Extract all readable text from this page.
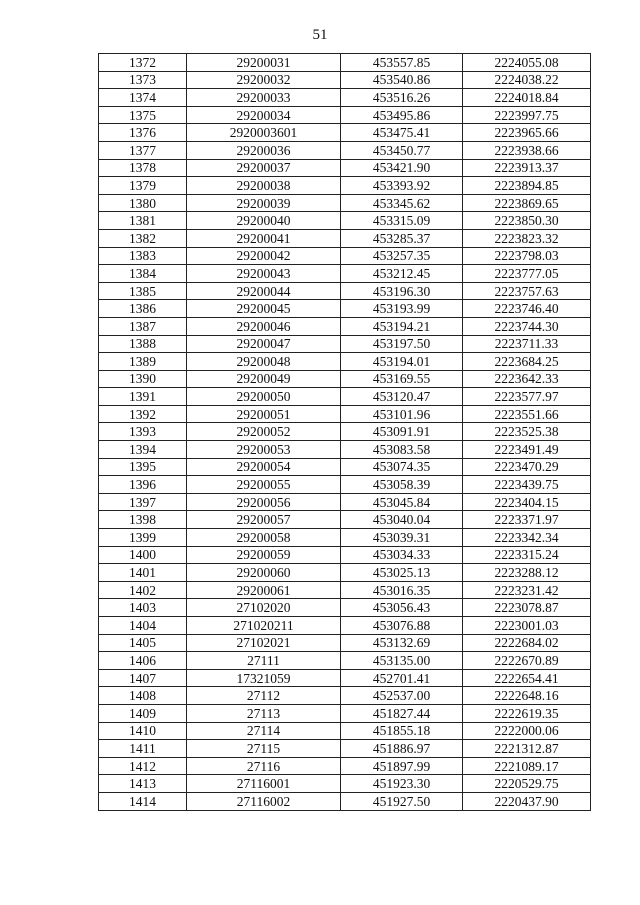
51
1372	29200031	453557.85	2224055.08
1373	29200032	453540.86	2224038.22
1374	29200033	453516.26	2224018.84
1375	29200034	453495.86	2223997.75
1376	2920003601	453475.41	2223965.66
1377	29200036	453450.77	2223938.66
1378	29200037	453421.90	2223913.37
1379	29200038	453393.92	2223894.85
1380	29200039	453345.62	2223869.65
1381	29200040	453315.09	2223850.30
1382	29200041	453285.37	2223823.32
1383	29200042	453257.35	2223798.03
1384	29200043	453212.45	2223777.05
1385	29200044	453196.30	2223757.63
1386	29200045	453193.99	2223746.40
1387	29200046	453194.21	2223744.30
1388	29200047	453197.50	2223711.33
1389	29200048	453194.01	2223684.25
1390	29200049	453169.55	2223642.33
1391	29200050	453120.47	2223577.97
1392	29200051	453101.96	2223551.66
1393	29200052	453091.91	2223525.38
1394	29200053	453083.58	2223491.49
1395	29200054	453074.35	2223470.29
1396	29200055	453058.39	2223439.75
1397	29200056	453045.84	2223404.15
1398	29200057	453040.04	2223371.97
1399	29200058	453039.31	2223342.34
1400	29200059	453034.33	2223315.24
1401	29200060	453025.13	2223288.12
1402	29200061	453016.35	2223231.42
1403	27102020	453056.43	2223078.87
1404	271020211	453076.88	2223001.03
1405	27102021	453132.69	2222684.02
1406	27111	453135.00	2222670.89
1407	17321059	452701.41	2222654.41
1408	27112	452537.00	2222648.16
1409	27113	451827.44	2222619.35
1410	27114	451855.18	2222000.06
1411	27115	451886.97	2221312.87
1412	27116	451897.99	2221089.17
1413	27116001	451923.30	2220529.75
1414	27116002	451927.50	2220437.90
